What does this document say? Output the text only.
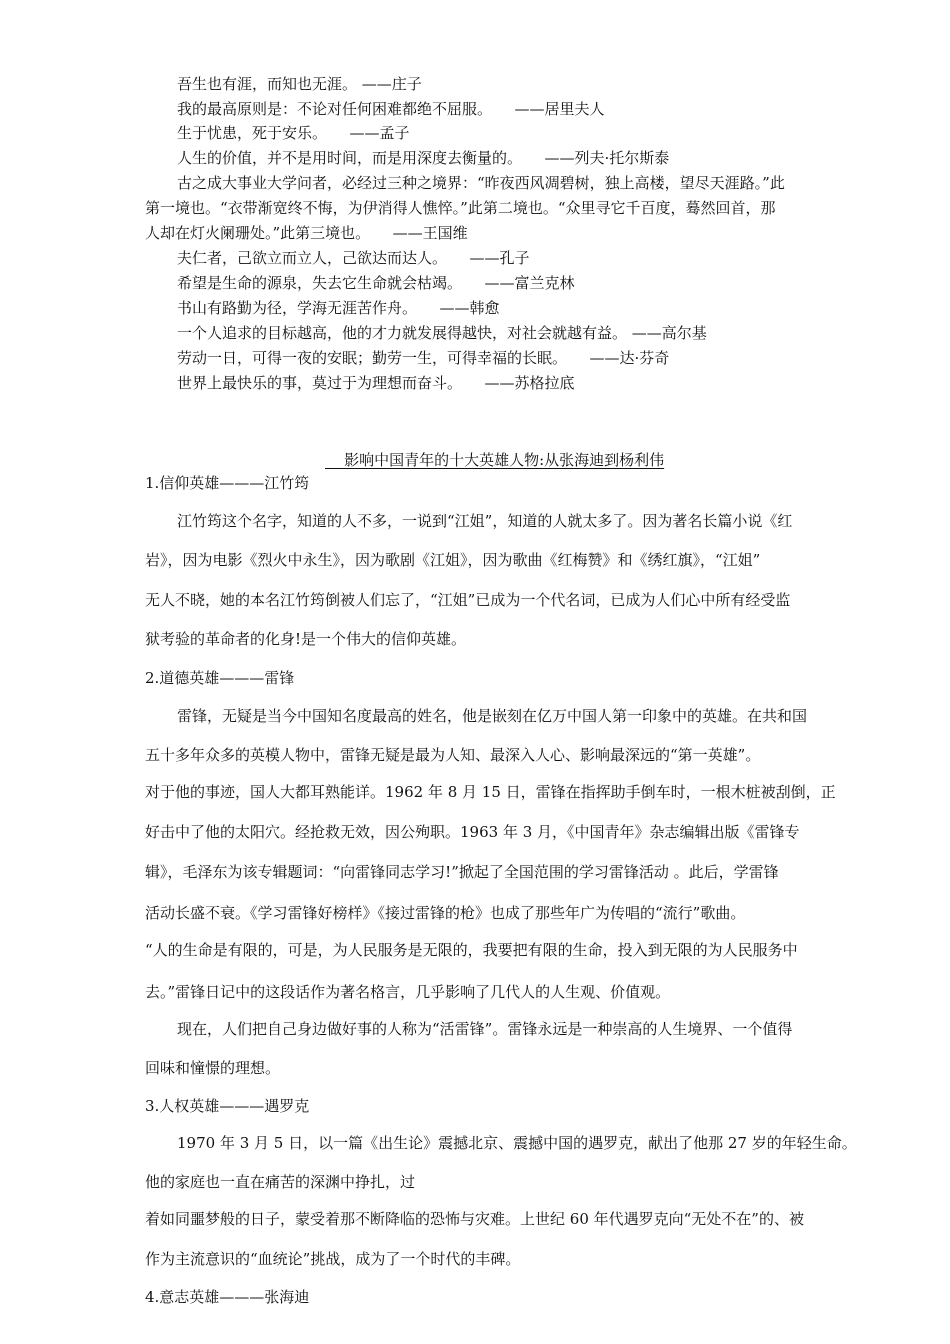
吾生也有涯，而知也无涯。 ——庄子
我的最高原则是：不论对任何困难都绝不屈服。　　——居里夫人
生于忧患，死于安乐。　　——孟子
人生的价值，并不是用时间，而是用深度去衡量的。　　——列夫·托尔斯泰
古之成大事业大学问者，必经过三种之境界：“昨夜西风凋碧树，独上高楼，望尽天涯路。”此
第一境也。“衣带渐宽终不悔，为伊消得人憔悴。”此第二境也。“众里寻它千百度，蓦然回首，那
人却在灯火阑珊处。”此第三境也。　　——王国维
夫仁者，己欲立而立人，己欲达而达人。　　——孔子
希望是生命的源泉，失去它生命就会枯竭。　　——富兰克林
书山有路勤为径，学海无涯苦作舟。　　——韩愈
一个人追求的目标越高，他的才力就发展得越快，对社会就越有益。 ——高尔基
劳动一日，可得一夜的安眠；勤劳一生，可得幸福的长眠。　　——达·芬奇
世界上最快乐的事，莫过于为理想而奋斗。　　——苏格拉底
影响中国青年的十大英雄人物:从张海迪到杨利伟
1.信仰英雄———江竹筠
江竹筠这个名字，知道的人不多，一说到“江姐”，知道的人就太多了。因为著名长篇小说《红
岩》，因为电影《烈火中永生》，因为歌剧《江姐》，因为歌曲《红梅赞》和《绣红旗》，“江姐”
无人不晓，她的本名江竹筠倒被人们忘了，“江姐”已成为一个代名词，已成为人们心中所有经受监
狱考验的革命者的化身!是一个伟大的信仰英雄。
2.道德英雄———雷锋
雷锋，无疑是当今中国知名度最高的姓名，他是嵌刻在亿万中国人第一印象中的英雄。在共和国
五十多年众多的英模人物中，雷锋无疑是最为人知、最深入人心、影响最深远的“第一英雄”。
对于他的事迹，国人大都耳熟能详。1962 年 8 月 15 日，雷锋在指挥助手倒车时，一根木桩被刮倒，正
好击中了他的太阳穴。经抢救无效，因公殉职。1963 年 3 月，《中国青年》杂志编辑出版《雷锋专
辑》，毛泽东为该专辑题词：“向雷锋同志学习!”掀起了全国范围的学习雷锋活动 。此后，学雷锋
活动长盛不衰。《学习雷锋好榜样》《接过雷锋的枪》也成了那些年广为传唱的“流行”歌曲。
“人的生命是有限的，可是，为人民服务是无限的，我要把有限的生命，投入到无限的为人民服务中
去。”雷锋日记中的这段话作为著名格言，几乎影响了几代人的人生观、价值观。
现在，人们把自己身边做好事的人称为“活雷锋”。雷锋永远是一种崇高的人生境界、一个值得
回味和憧憬的理想。
3.人权英雄———遇罗克
1970 年 3 月 5 日，以一篇《出生论》震撼北京、震撼中国的遇罗克，献出了他那 27 岁的年轻生命。
他的家庭也一直在痛苦的深渊中挣扎，过
着如同噩梦般的日子，蒙受着那不断降临的恐怖与灾难。上世纪 60 年代遇罗克向“无处不在”的、被
作为主流意识的“血统论”挑战，成为了一个时代的丰碑。
4.意志英雄———张海迪
